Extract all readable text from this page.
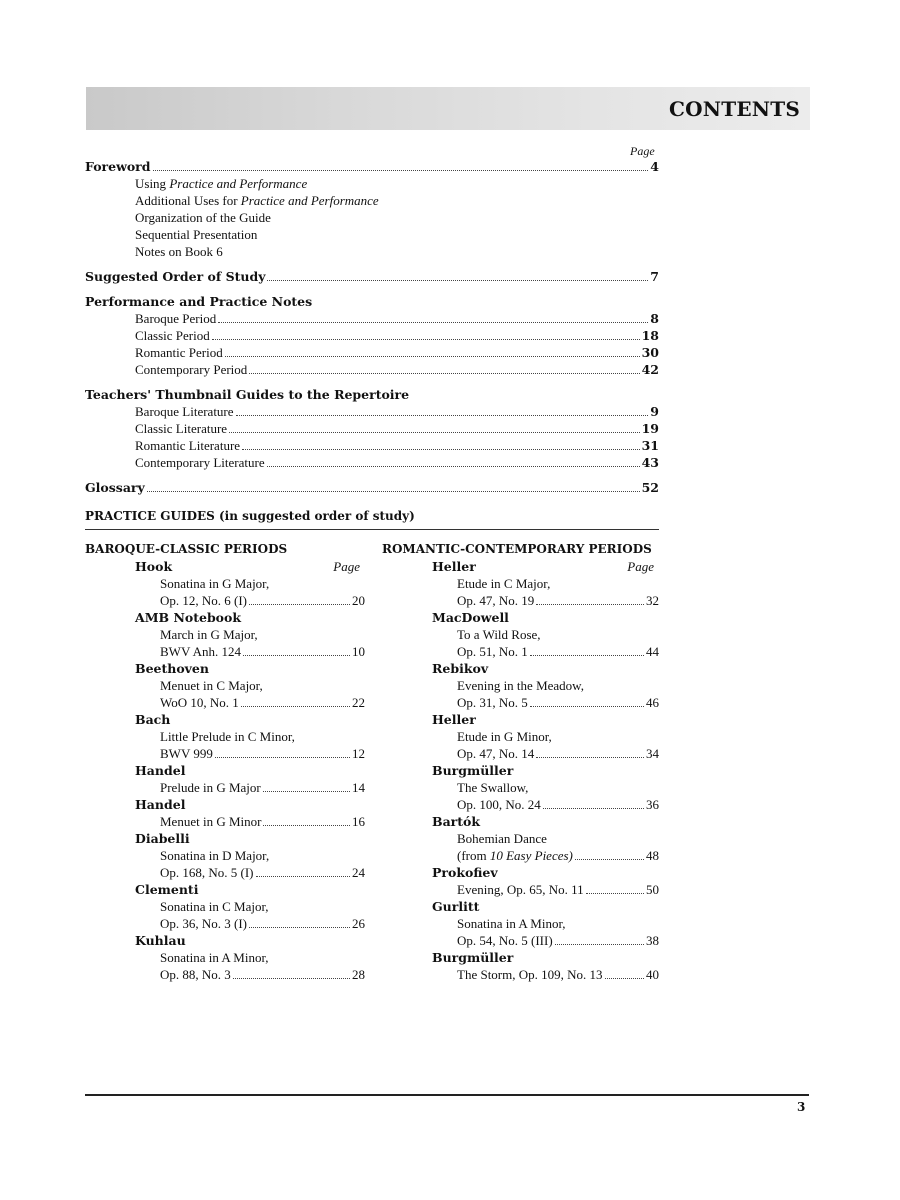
CONTENTS
Page
Foreword	4
Using Practice and Performance
Additional Uses for Practice and Performance
Organization of the Guide
Sequential Presentation
Notes on Book 6
Suggested Order of Study	7
Performance and Practice Notes
Baroque Period	8
Classic Period	18
Romantic Period	30
Contemporary Period	42
Teachers' Thumbnail Guides to the Repertoire
Baroque Literature	9
Classic Literature	19
Romantic Literature	31
Contemporary Literature	43
Glossary	52
PRACTICE GUIDES (in suggested order of study)
BAROQUE-CLASSIC PERIODS
Hook	Page
Sonatina in G Major,
Op. 12, No. 6 (I)	20
AMB Notebook
March in G Major,
BWV Anh. 124	10
Beethoven
Menuet in C Major,
WoO 10, No. 1	22
Bach
Little Prelude in C Minor,
BWV 999	12
Handel
Prelude in G Major	14
Handel
Menuet in G Minor	16
Diabelli
Sonatina in D Major,
Op. 168, No. 5 (I)	24
Clementi
Sonatina in C Major,
Op. 36, No. 3 (I)	26
Kuhlau
Sonatina in A Minor,
Op. 88, No. 3	28
ROMANTIC-CONTEMPORARY PERIODS
Heller	Page
Etude in C Major,
Op. 47, No. 19	32
MacDowell
To a Wild Rose,
Op. 51, No. 1	44
Rebikov
Evening in the Meadow,
Op. 31, No. 5	46
Heller
Etude in G Minor,
Op. 47, No. 14	34
Burgmüller
The Swallow,
Op. 100, No. 24	36
Bartók
Bohemian Dance
(from 10 Easy Pieces)	48
Prokofiev
Evening, Op. 65, No. 11	50
Gurlitt
Sonatina in A Minor,
Op. 54, No. 5 (III)	38
Burgmüller
The Storm, Op. 109, No. 13	40
3
